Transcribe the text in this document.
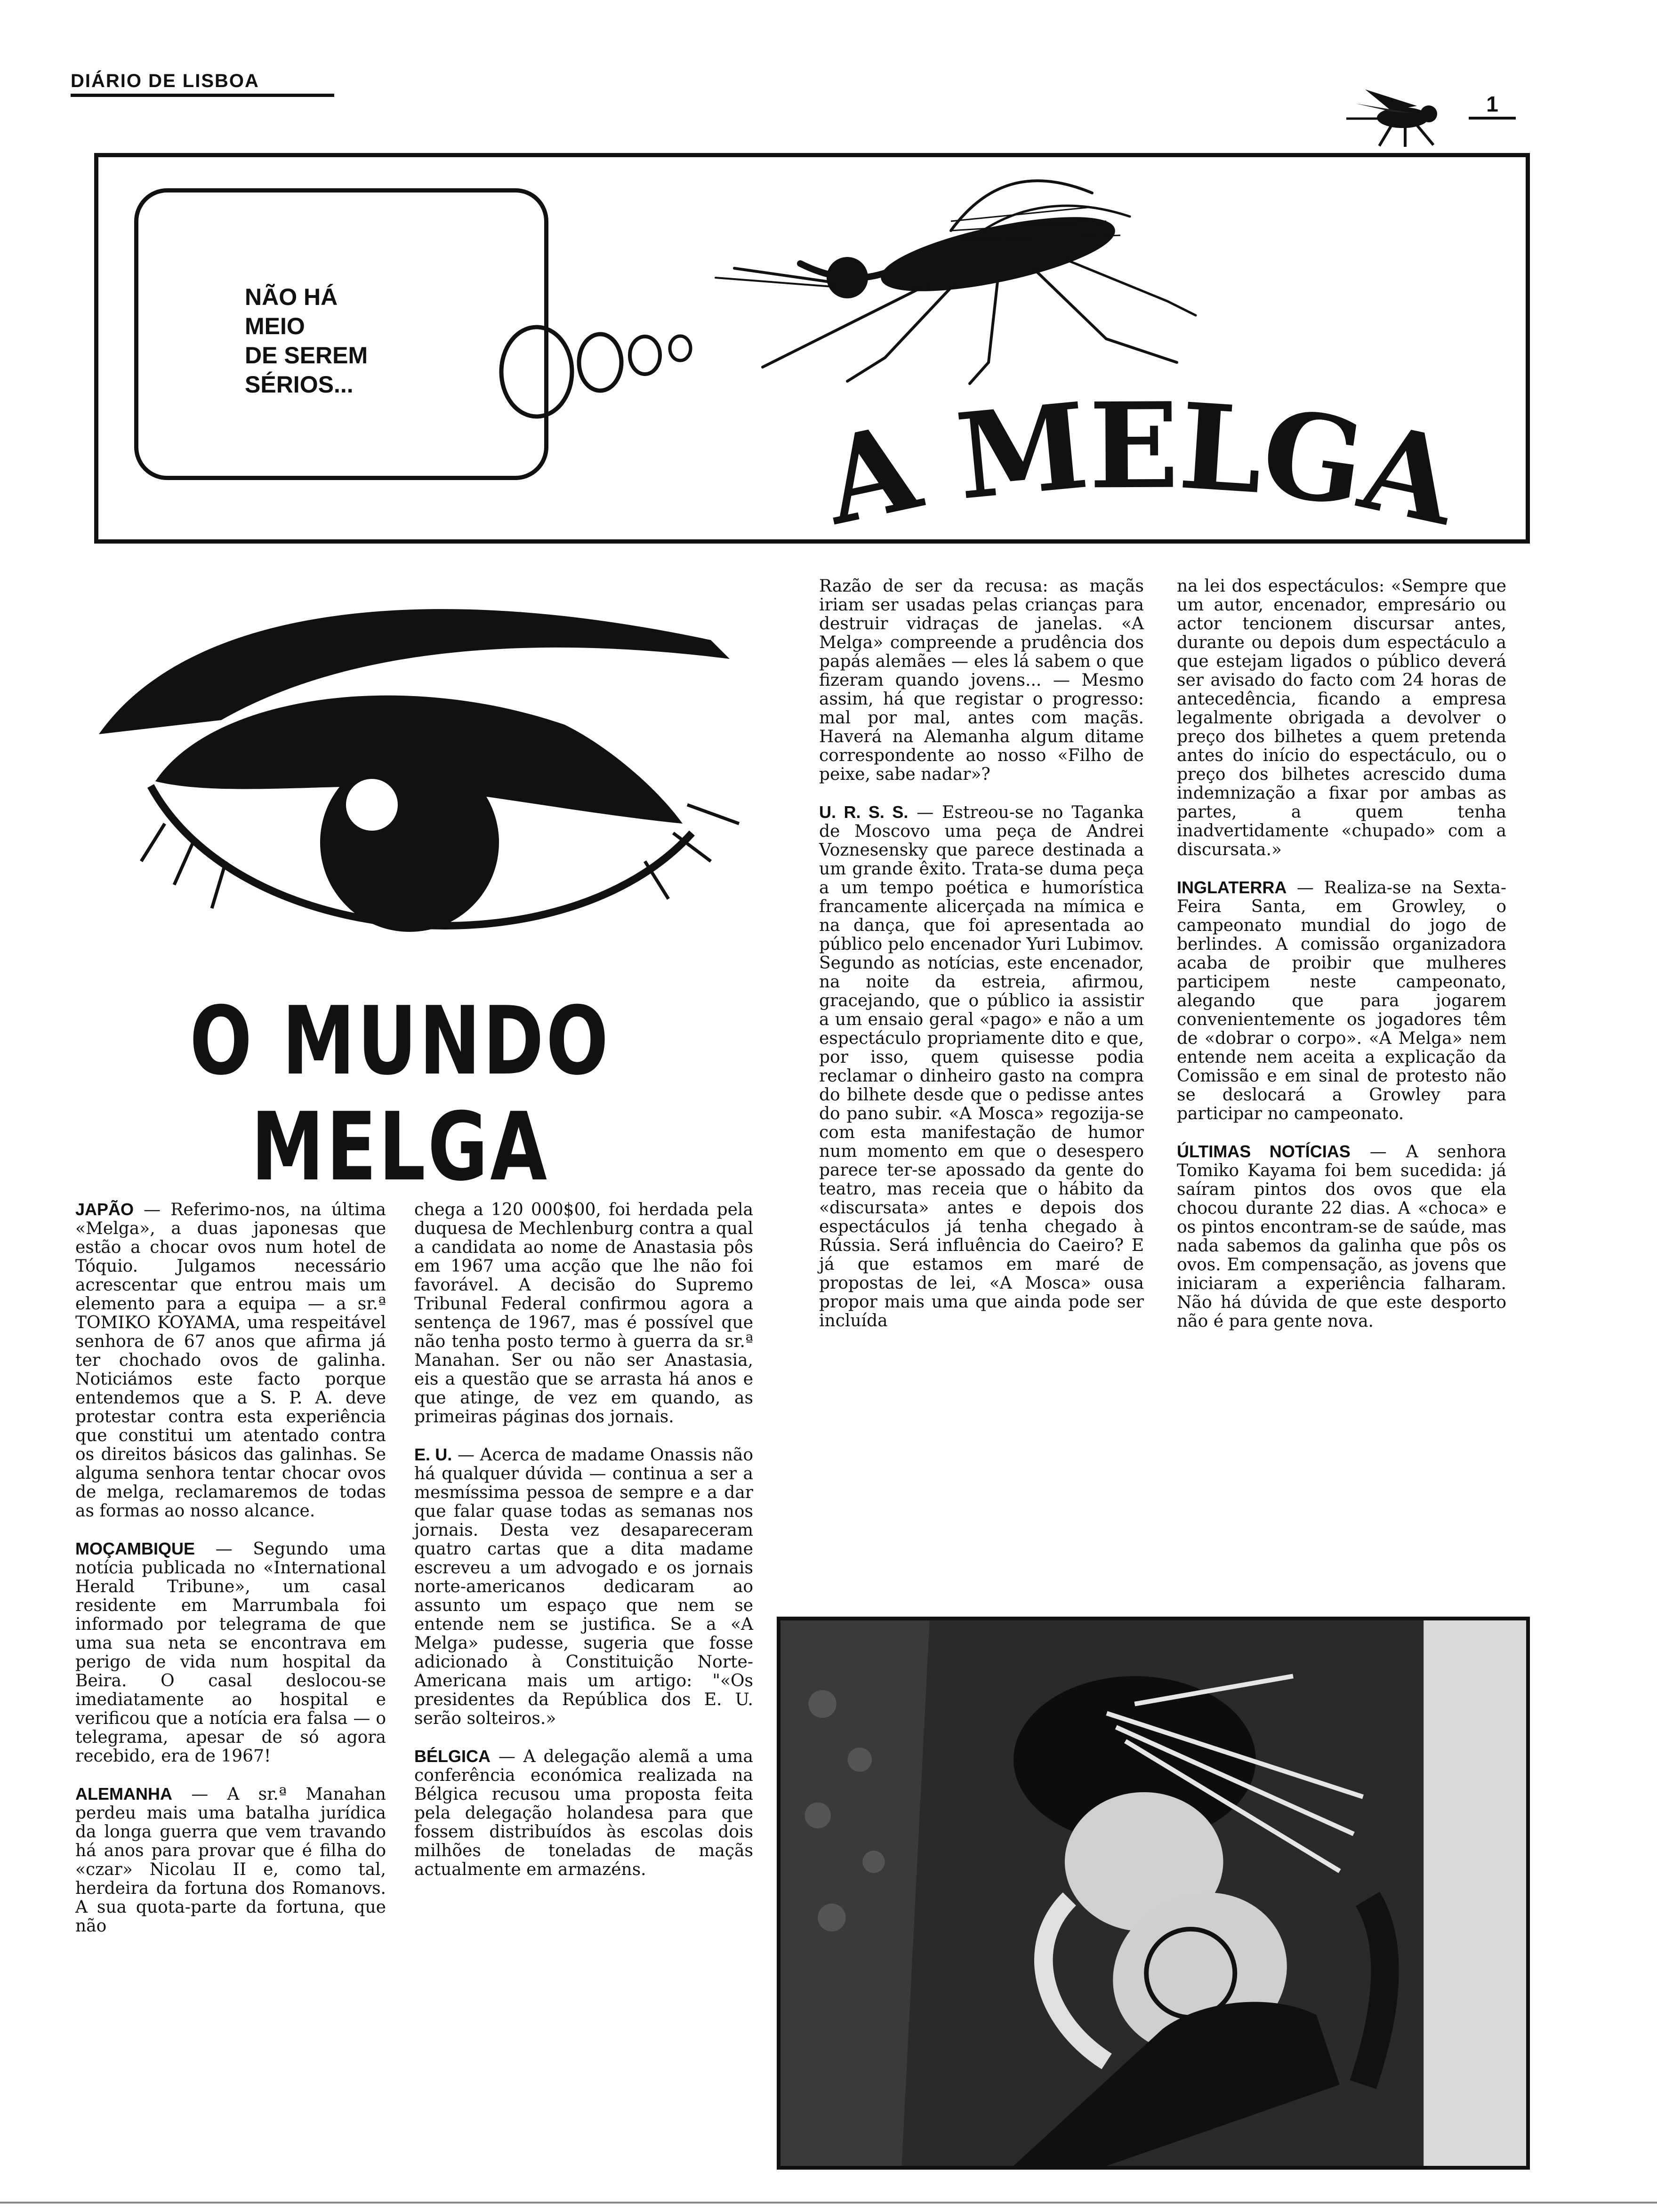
DIÁRIO DE LISBOA
1
NÃO HÁ
MEIO
DE SEREM
SÉRIOS...
A MELGA
O MUNDO
MELGA

JAPÃO — Referimo-nos, na última «Melga», a duas japonesas que estão a chocar ovos num hotel de Tóquio. Julgamos necessário acrescentar que entrou mais um elemento para a equipa — a sr.ª TOMIKO KOYAMA, uma respeitável senhora de 67 anos que afirma já ter chochado ovos de galinha. Noticiámos este facto porque entendemos que a S. P. A. deve protestar contra esta experiência que constitui um atentado contra os direitos básicos das galinhas. Se alguma senhora tentar chocar ovos de melga, reclamaremos de todas as formas ao nosso alcance.

MOÇAMBIQUE — Segundo uma notícia publicada no «International Herald Tribune», um casal residente em Marrumbala foi informado por telegrama de que uma sua neta se encontrava em perigo de vida num hospital da Beira. O casal deslocou-se imediatamente ao hospital e verificou que a notícia era falsa — o telegrama, apesar de só agora recebido, era de 1967!

ALEMANHA — A sr.ª Manahan perdeu mais uma batalha jurídica da longa guerra que vem travando há anos para provar que é filha do «czar» Nicolau II e, como tal, herdeira da fortuna dos Romanovs. A sua quota-parte da fortuna, que não

chega a 120 000$00, foi herdada pela duquesa de Mechlenburg contra a qual a candidata ao nome de Anastasia pôs em 1967 uma acção que lhe não foi favorável. A decisão do Supremo Tribunal Federal confirmou agora a sentença de 1967, mas é possível que não tenha posto termo à guerra da sr.ª Manahan. Ser ou não ser Anastasia, eis a questão que se arrasta há anos e que atinge, de vez em quando, as primeiras páginas dos jornais.

E. U. — Acerca de madame Onassis não há qualquer dúvida — continua a ser a mesmíssima pessoa de sempre e a dar que falar quase todas as semanas nos jornais. Desta vez desapareceram quatro cartas que a dita madame escreveu a um advogado e os jornais norte-americanos dedicaram ao assunto um espaço que nem se entende nem se justifica. Se a «A Melga» pudesse, sugeria que fosse adicionado à Constituição Norte-Americana mais um artigo: "«Os presidentes da República dos E. U. serão solteiros.»

BÉLGICA — A delegação alemã a uma conferência económica realizada na Bélgica recusou uma proposta feita pela delegação holandesa para que fossem distribuídos às escolas dois milhões de toneladas de maçãs actualmente em armazéns.

Razão de ser da recusa: as maçãs iriam ser usadas pelas crianças para destruir vidraças de janelas. «A Melga» compreende a prudência dos papás alemães — eles lá sabem o que fizeram quando jovens... — Mesmo assim, há que registar o progresso: mal por mal, antes com maçãs. Haverá na Alemanha algum ditame correspondente ao nosso «Filho de peixe, sabe nadar»?

U. R. S. S. — Estreou-se no Taganka de Moscovo uma peça de Andrei Voznesensky que parece destinada a um grande êxito. Trata-se duma peça a um tempo poética e humorística francamente alicerçada na mímica e na dança, que foi apresentada ao público pelo encenador Yuri Lubimov. Segundo as notícias, este encenador, na noite da estreia, afirmou, gracejando, que o público ia assistir a um ensaio geral «pago» e não a um espectáculo propriamente dito e que, por isso, quem quisesse podia reclamar o dinheiro gasto na compra do bilhete desde que o pedisse antes do pano subir. «A Mosca» regozija-se com esta manifestação de humor num momento em que o desespero parece ter-se apossado da gente do teatro, mas receia que o hábito da «discursata» antes e depois dos espectáculos já tenha chegado à Rússia. Será influência do Caeiro? E já que estamos em maré de propostas de lei, «A Mosca» ousa propor mais uma que ainda pode ser incluída

na lei dos espectáculos: «Sempre que um autor, encenador, empresário ou actor tencionem discursar antes, durante ou depois dum espectáculo a que estejam ligados o público deverá ser avisado do facto com 24 horas de antecedência, ficando a empresa legalmente obrigada a devolver o preço dos bilhetes a quem pretenda antes do início do espectáculo, ou o preço dos bilhetes acrescido duma indemnização a fixar por ambas as partes, a quem tenha inadvertidamente «chupado» com a discursata.»

INGLATERRA — Realiza-se na Sexta-Feira Santa, em Growley, o campeonato mundial do jogo de berlindes. A comissão organizadora acaba de proibir que mulheres participem neste campeonato, alegando que para jogarem convenientemente os jogadores têm de «dobrar o corpo». «A Melga» nem entende nem aceita a explicação da Comissão e em sinal de protesto não se deslocará a Growley para participar no campeonato.

ÚLTIMAS NOTÍCIAS — A senhora Tomiko Kayama foi bem sucedida: já saíram pintos dos ovos que ela chocou durante 22 dias. A «choca» e os pintos encontram-se de saúde, mas nada sabemos da galinha que pôs os ovos. Em compensação, as jovens que iniciaram a experiência falharam. Não há dúvida de que este desporto não é para gente nova.
